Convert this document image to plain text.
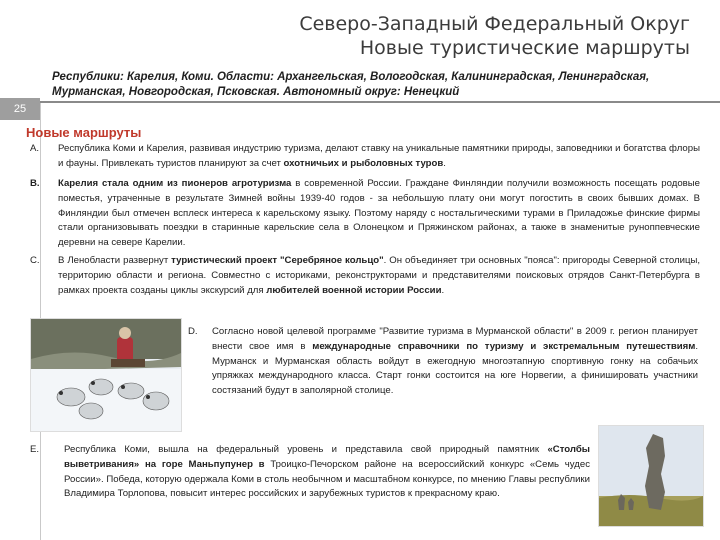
Северо-Западный Федеральный Округ
Новые туристические маршруты
Республики: Карелия, Коми. Области: Архангельская, Вологодская, Калининградская, Ленинградская, Мурманская, Новгородская, Псковская. Автономный округ: Ненецкий
25
Новые маршруты
A. Республика Коми и Карелия, развивая индустрию туризма, делают ставку на уникальные памятники природы, заповедники и богатства флоры и фауны. Привлекать туристов планируют за счет охотничьих и рыболовных туров.
B. Карелия стала одним из пионеров агротуризма в современной России. Граждане Финляндии получили возможность посещать родовые поместья, утраченные в результате Зимней войны 1939-40 годов - за небольшую плату они могут погостить в своих бывших домах. В Финляндии был отмечен всплеск интереса к карельскому языку. Поэтому наряду с ностальгическими турами в Приладожье финские фирмы стали организовывать поездки в старинные карельские села в Олонецком и Пряжинском районах, а также в знаменитые руноппевческие деревни на севере Карелии.
C. В Ленобласти развернут туристический проект "Серебряное кольцо". Он объединяет три основных "пояса": пригороды Северной столицы, территорию области и региона. Совместно с историками, реконструкторами и представителями поисковых отрядов Санкт-Петербурга в рамках проекта созданы циклы экскурсий для любителей военной истории России.
D. Согласно новой целевой программе "Развитие туризма в Мурманской области" в 2009 г. регион планирует внести свое имя в международные справочники по туризму и экстремальным путешествиям. Мурманск и Мурманская область войдут в ежегодную многоэтапную спортивную гонку на собачьих упряжках международного класса. Старт гонки состоится на юге Норвегии, а финишировать участники состязаний будут в заполярной столице.
E.	Республика Коми, вышла на федеральный уровень и представила свой природный памятник «Столбы выветривания» на горе Маньпупунер в Троицко-Печорском районе на всероссийский конкурс «Семь чудес России». Победа, которую одержала Коми в столь необычном и масштабном конкурсе, по мнению Главы республики Владимира Торлопова, повысит интерес российских и зарубежных туристов к прекрасному краю.
